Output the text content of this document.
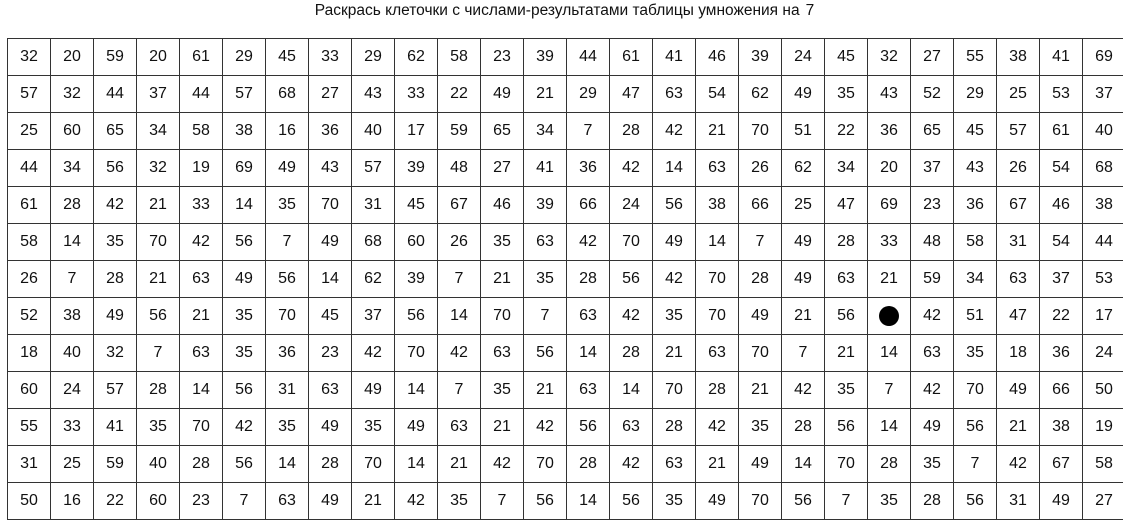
Раскрась клеточки с числами-результатами таблицы умножения на 7
32	20	59	20	61	29	45	33	29	62	58	23	39	44	61	41	46	39	24	45	32	27	55	38	41	69
57	32	44	37	44	57	68	27	43	33	22	49	21	29	47	63	54	62	49	35	43	52	29	25	53	37
25	60	65	34	58	38	16	36	40	17	59	65	34	7	28	42	21	70	51	22	36	65	45	57	61	40
44	34	56	32	19	69	49	43	57	39	48	27	41	36	42	14	63	26	62	34	20	37	43	26	54	68
61	28	42	21	33	14	35	70	31	45	67	46	39	66	24	56	38	66	25	47	69	23	36	67	46	38
58	14	35	70	42	56	7	49	68	60	26	35	63	42	70	49	14	7	49	28	33	48	58	31	54	44
26	7	28	21	63	49	56	14	62	39	7	21	35	28	56	42	70	28	49	63	21	59	34	63	37	53
52	38	49	56	21	35	70	45	37	56	14	70	7	63	42	35	70	49	21	56		42	51	47	22	17
18	40	32	7	63	35	36	23	42	70	42	63	56	14	28	21	63	70	7	21	14	63	35	18	36	24
60	24	57	28	14	56	31	63	49	14	7	35	21	63	14	70	28	21	42	35	7	42	70	49	66	50
55	33	41	35	70	42	35	49	35	49	63	21	42	56	63	28	42	35	28	56	14	49	56	21	38	19
31	25	59	40	28	56	14	28	70	14	21	42	70	28	42	63	21	49	14	70	28	35	7	42	67	58
50	16	22	60	23	7	63	49	21	42	35	7	56	14	56	35	49	70	56	7	35	28	56	31	49	27
